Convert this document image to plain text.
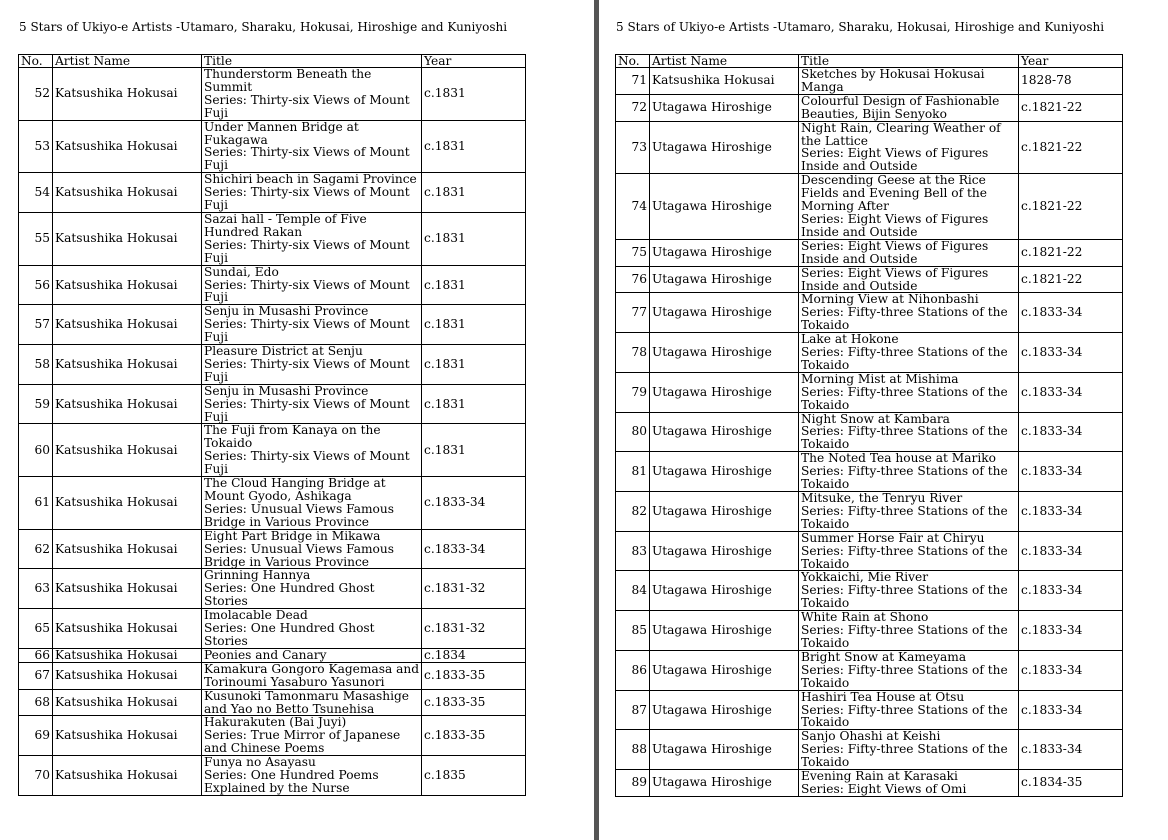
5 Stars of Ukiyo-e Artists -Utamaro, Sharaku, Hokusai, Hiroshige and Kuniyoshi
No.	Artist Name	Title	Year
52	Katsushika Hokusai	Thunderstorm Beneath the Summit
Series: Thirty-six Views of Mount Fuji	c.1831
53	Katsushika Hokusai	Under Mannen Bridge at Fukagawa
Series: Thirty-six Views of Mount Fuji	c.1831
54	Katsushika Hokusai	Shichiri beach in Sagami Province
Series: Thirty-six Views of Mount Fuji	c.1831
55	Katsushika Hokusai	Sazai hall - Temple of Five Hundred Rakan
Series: Thirty-six Views of Mount Fuji	c.1831
56	Katsushika Hokusai	Sundai, Edo
Series: Thirty-six Views of Mount Fuji	c.1831
57	Katsushika Hokusai	Senju in Musashi Province
Series: Thirty-six Views of Mount Fuji	c.1831
58	Katsushika Hokusai	Pleasure District at Senju
Series: Thirty-six Views of Mount Fuji	c.1831
59	Katsushika Hokusai	Senju in Musashi Province
Series: Thirty-six Views of Mount Fuji	c.1831
60	Katsushika Hokusai	The Fuji from Kanaya on the Tokaido
Series: Thirty-six Views of Mount Fuji	c.1831
61	Katsushika Hokusai	The Cloud Hanging Bridge at Mount Gyodo, Ashikaga
Series: Unusual Views Famous Bridge in Various Province	c.1833-34
62	Katsushika Hokusai	Eight Part Bridge in Mikawa
Series: Unusual Views Famous Bridge in Various Province	c.1833-34
63	Katsushika Hokusai	Grinning Hannya
Series: One Hundred Ghost Stories	c.1831-32
65	Katsushika Hokusai	Imolacable Dead
Series: One Hundred Ghost Stories	c.1831-32
66	Katsushika Hokusai	Peonies and Canary	c.1834
67	Katsushika Hokusai	Kamakura Gongoro Kagemasa and Torinoumi Yasaburo Yasunori	c.1833-35
68	Katsushika Hokusai	Kusunoki Tamonmaru Masashige and Yao no Betto Tsunehisa	c.1833-35
69	Katsushika Hokusai	Hakurakuten (Bai Juyi)
Series: True Mirror of Japanese and Chinese Poems	c.1833-35
70	Katsushika Hokusai	Funya no Asayasu
Series: One Hundred Poems Explained by the Nurse	c.1835
5 Stars of Ukiyo-e Artists -Utamaro, Sharaku, Hokusai, Hiroshige and Kuniyoshi
No.	Artist Name	Title	Year
71	Katsushika Hokusai	Sketches by Hokusai Hokusai Manga	1828-78
72	Utagawa Hiroshige	Colourful Design of Fashionable Beauties, Bijin Senyoko	c.1821-22
73	Utagawa Hiroshige	Night Rain, Clearing Weather of the Lattice
Series: Eight Views of Figures Inside and Outside	c.1821-22
74	Utagawa Hiroshige	Descending Geese at the Rice Fields and Evening Bell of the Morning After
Series: Eight Views of Figures Inside and Outside	c.1821-22
75	Utagawa Hiroshige	Series: Eight Views of Figures Inside and Outside	c.1821-22
76	Utagawa Hiroshige	Series: Eight Views of Figures Inside and Outside	c.1821-22
77	Utagawa Hiroshige	Morning View at Nihonbashi
Series: Fifty-three Stations of the Tokaido	c.1833-34
78	Utagawa Hiroshige	Lake at Hokone
Series: Fifty-three Stations of the Tokaido	c.1833-34
79	Utagawa Hiroshige	Morning Mist at Mishima
Series: Fifty-three Stations of the Tokaido	c.1833-34
80	Utagawa Hiroshige	Night Snow at Kambara
Series: Fifty-three Stations of the Tokaido	c.1833-34
81	Utagawa Hiroshige	The Noted Tea house at Mariko
Series: Fifty-three Stations of the Tokaido	c.1833-34
82	Utagawa Hiroshige	Mitsuke, the Tenryu River
Series: Fifty-three Stations of the Tokaido	c.1833-34
83	Utagawa Hiroshige	Summer Horse Fair at Chiryu
Series: Fifty-three Stations of the Tokaido	c.1833-34
84	Utagawa Hiroshige	Yokkaichi, Mie River
Series: Fifty-three Stations of the Tokaido	c.1833-34
85	Utagawa Hiroshige	White Rain at Shono
Series: Fifty-three Stations of the Tokaido	c.1833-34
86	Utagawa Hiroshige	Bright Snow at Kameyama
Series: Fifty-three Stations of the Tokaido	c.1833-34
87	Utagawa Hiroshige	Hashiri Tea House at Otsu
Series: Fifty-three Stations of the Tokaido	c.1833-34
88	Utagawa Hiroshige	Sanjo Ohashi at Keishi
Series: Fifty-three Stations of the Tokaido	c.1833-34
89	Utagawa Hiroshige	Evening Rain at Karasaki
Series: Eight Views of Omi	c.1834-35
